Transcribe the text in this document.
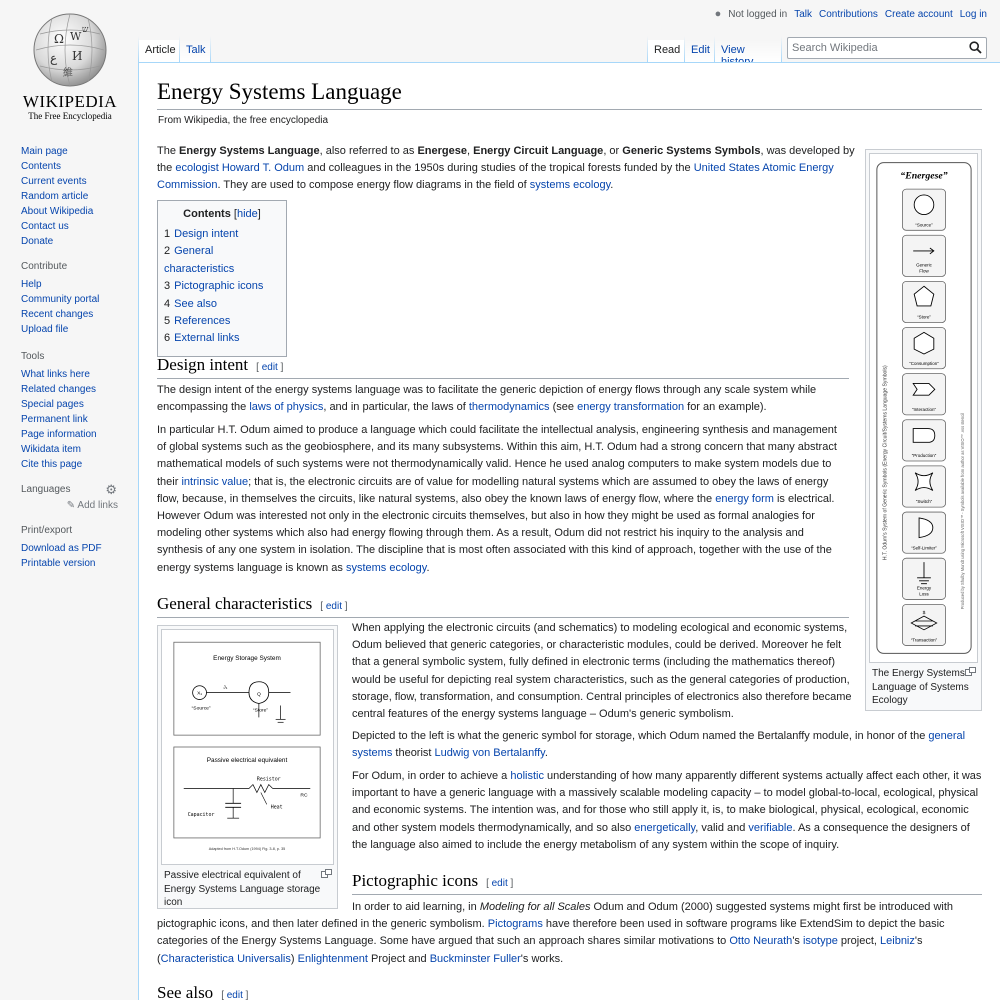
Ω W
ع И
維
ש
WIKIPEDIA
The Free Encyclopedia
Main page
Contents
Current events
Random article
About Wikipedia
Contact us
Donate
Contribute
Help
Community portal
Recent changes
Upload file
Tools
What links here
Related changes
Special pages
Permanent link
Page information
Wikidata item
Cite this page
Languages	⚙
✎ Add links
Print/export
Download as PDF
Printable version
● Not logged in Talk Contributions Create account Log in
Article Talk	Read Edit	View
Search Wikipedia
Energy Systems Language
From Wikipedia, the free encyclopedia

The Energy Systems Language, also referred to as Energese, Energy Circuit Language, or Generic Systems Symbols, was developed by the ecologist Howard T. Odum and colleagues in the 1950s during studies of the tropical forests funded by the United States Atomic Energy Commission. They are used to compose energy flow diagrams in the field of systems ecology.

Contents [hide]
1 Design intent
2 General characteristics
3 Pictographic icons
4 See also
5 References
6 External links
Design intent [ edit ]

The design intent of the energy systems language was to facilitate the generic depiction of energy flows through any scale system while encompassing the laws of physics, and in particular, the laws of thermodynamics (see energy transformation for an example).

In particular H.T. Odum aimed to produce a language which could facilitate the intellectual analysis, engineering synthesis and management of global systems such as the geobiosphere, and its many subsystems. Within this aim, H.T. Odum had a strong concern that many abstract mathematical models of such systems were not thermodynamically valid. Hence he used analog computers to make system models due to their intrinsic value; that is, the electronic circuits are of value for modelling natural systems which are assumed to obey the laws of energy flow, because, in themselves the circuits, like natural systems, also obey the known laws of energy flow, where the energy form is electrical. However Odum was interested not only in the electronic circuits themselves, but also in how they might be used as formal analogies for modeling other systems which also had energy flowing through them. As a result, Odum did not restrict his inquiry to the analysis and synthesis of any one system in isolation. The discipline that is most often associated with this kind of approach, together with the use of the energy systems language is known as systems ecology.

General characteristics [ edit ]
Energy Storage System
X₁
J₁
Q
“Source”	“Store”
Passive electrical equivalent
Resistor
Capacitor
Heat
RC
Adapted from H.T.Odum (1994) Fig. 3-8, p. 35
Passive electrical equivalent of Energy Systems Language storage icon

When applying the electronic circuits (and schematics) to modeling ecological and economic systems, Odum believed that generic categories, or characteristic modules, could be derived. Moreover he felt that a general symbolic system, fully defined in electronic terms (including the mathematics thereof) would be useful for depicting real system characteristics, such as the general categories of production, storage, flow, transformation, and consumption. Central principles of electronics also therefore became central features of the energy systems language – Odum's generic symbolism.

Depicted to the left is what the generic symbol for storage, which Odum named the Bertalanffy module, in honor of the general systems theorist Ludwig von Bertalanffy.

For Odum, in order to achieve a holistic understanding of how many apparently different systems actually affect each other, it was important to have a generic language with a massively scalable modeling capacity – to model global-to-local, ecological, physical and economic systems. The intention was, and for those who still apply it, is, to make biological, physical, ecological, economic and other system models thermodynamically, and so also energetically, valid and verifiable. As a consequence the designers of the language also aimed to include the energy metabolism of any system within the scope of inquiry.

Pictographic icons [ edit ]

In order to aid learning, in Modeling for all Scales Odum and Odum (2000) suggested systems might first be introduced with pictographic icons, and then later defined in the generic symbolism. Pictograms have therefore been used in software programs like ExtendSim to depict the basic categories of the Energy Systems Language. Some have argued that such an approach shares similar motivations to Otto Neurath's isotype project, Leibniz's (Characteristica Universalis) Enlightenment Project and Buckminster Fuller's works.

See also [ edit ]
“Energese”
H.T. Odum's System of Generic Symbols (Energy Circuit/Systems Language Symbols)	Produced by Shulby Mundt using Microsoft VISIO™ - Symbols available from author as VISIO™ .vss stencil
“Source”
Generic
Flow
“Store”
“Consumption”
“Interaction”
“Production”
“Switch”
“Self-Limiter”
Energy
Loss
$
“Transaction”
The Energy Systems Language of Systems Ecology
